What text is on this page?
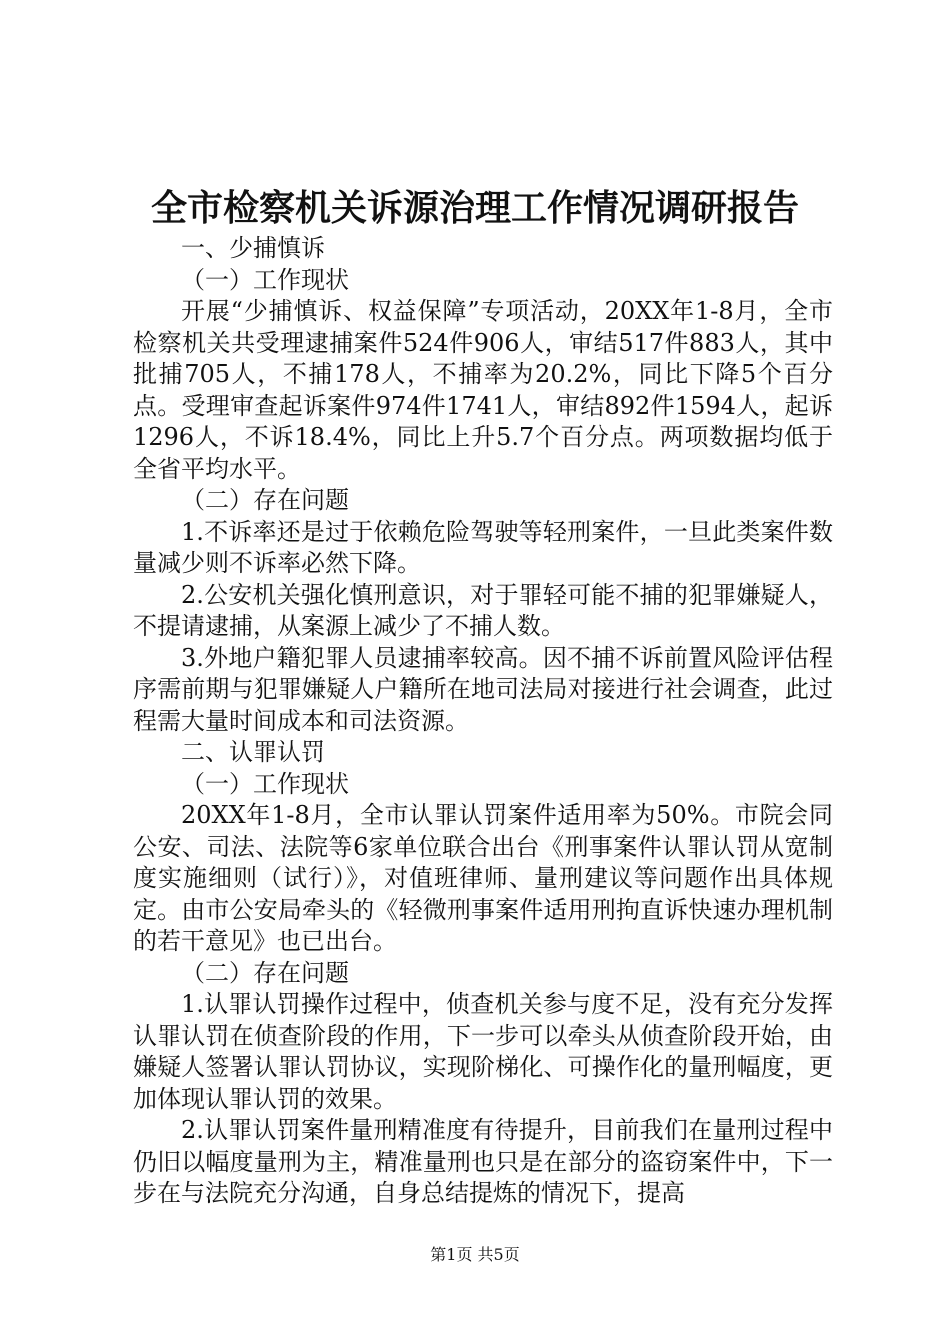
全市检察机关诉源治理工作情况调研报告

一、少捕慎诉

（一）工作现状

开展“少捕慎诉、权益保障”专项活动，20XX年1-8月，全市检察机关共受理逮捕案件524件906人，审结517件883人，其中批捕705人，不捕178人，不捕率为20.2%，同比下降5个百分点。受理审查起诉案件974件1741人，审结892件1594人，起诉1296人，不诉18.4%，同比上升5.7个百分点。两项数据均低于全省平均水平。

（二）存在问题

1.不诉率还是过于依赖危险驾驶等轻刑案件，一旦此类案件数量减少则不诉率必然下降。

2.公安机关强化慎刑意识，对于罪轻可能不捕的犯罪嫌疑人，不提请逮捕，从案源上减少了不捕人数。

3.外地户籍犯罪人员逮捕率较高。因不捕不诉前置风险评估程序需前期与犯罪嫌疑人户籍所在地司法局对接进行社会调查，此过程需大量时间成本和司法资源。

二、认罪认罚

（一）工作现状

20XX年1-8月，全市认罪认罚案件适用率为50%。市院会同公安、司法、法院等6家单位联合出台《刑事案件认罪认罚从宽制度实施细则（试行）》，对值班律师、量刑建议等问题作出具体规定。由市公安局牵头的《轻微刑事案件适用刑拘直诉快速办理机制的若干意见》也已出台。

（二）存在问题

1.认罪认罚操作过程中，侦查机关参与度不足，没有充分发挥认罪认罚在侦查阶段的作用，下一步可以牵头从侦查阶段开始，由嫌疑人签署认罪认罚协议，实现阶梯化、可操作化的量刑幅度，更加体现认罪认罚的效果。

2.认罪认罚案件量刑精准度有待提升，目前我们在量刑过程中仍旧以幅度量刑为主，精准量刑也只是在部分的盗窃案件中，下一步在与法院充分沟通，自身总结提炼的情况下，提高

第1页 共5页
